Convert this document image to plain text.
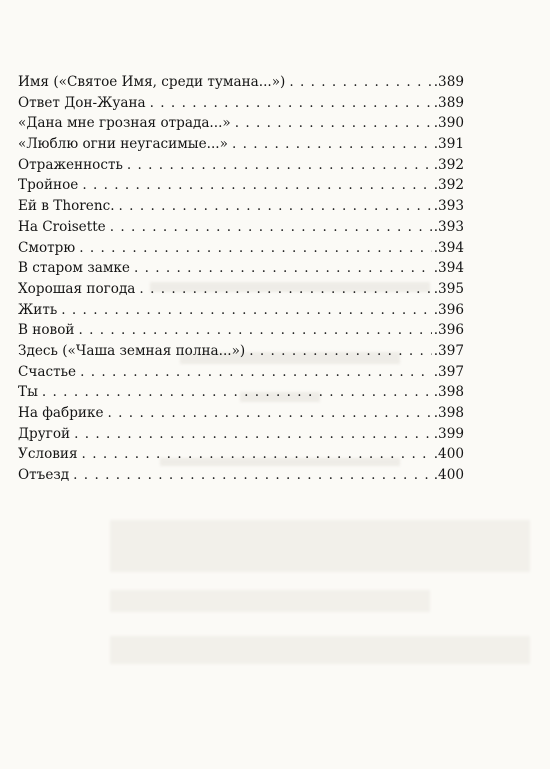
Имя («Святое Имя, среди тумана...») . . .	.389
Ответ Дон-Жуана . . .	.389
«Дана мне грозная отрада...» . . .	.390
«Люблю огни неугасимые...» . . .	.391
Отраженность . . .	.392
Тройное . . .	.392
Ей в Thorenc. . . .	.393
На Croisette . . .	.393
Смотрю . . .	.394
В старом замке . . .	.394
Хорошая погода . . .	.395
Жить . . .	.396
В новой . . .	.396
Здесь («Чаша земная полна...») . . .	.397
Счастье . . .	.397
Ты . . .	.398
На фабрике . . .	.398
Другой . . .	.399
Условия . . .	.400
Отъезд . . .	.400
